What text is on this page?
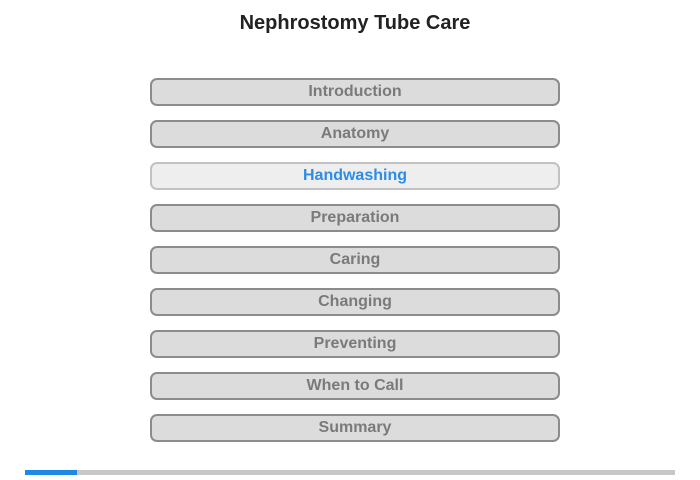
Nephrostomy Tube Care
Introduction
Anatomy
Handwashing
Preparation
Caring
Changing
Preventing
When to Call
Summary
